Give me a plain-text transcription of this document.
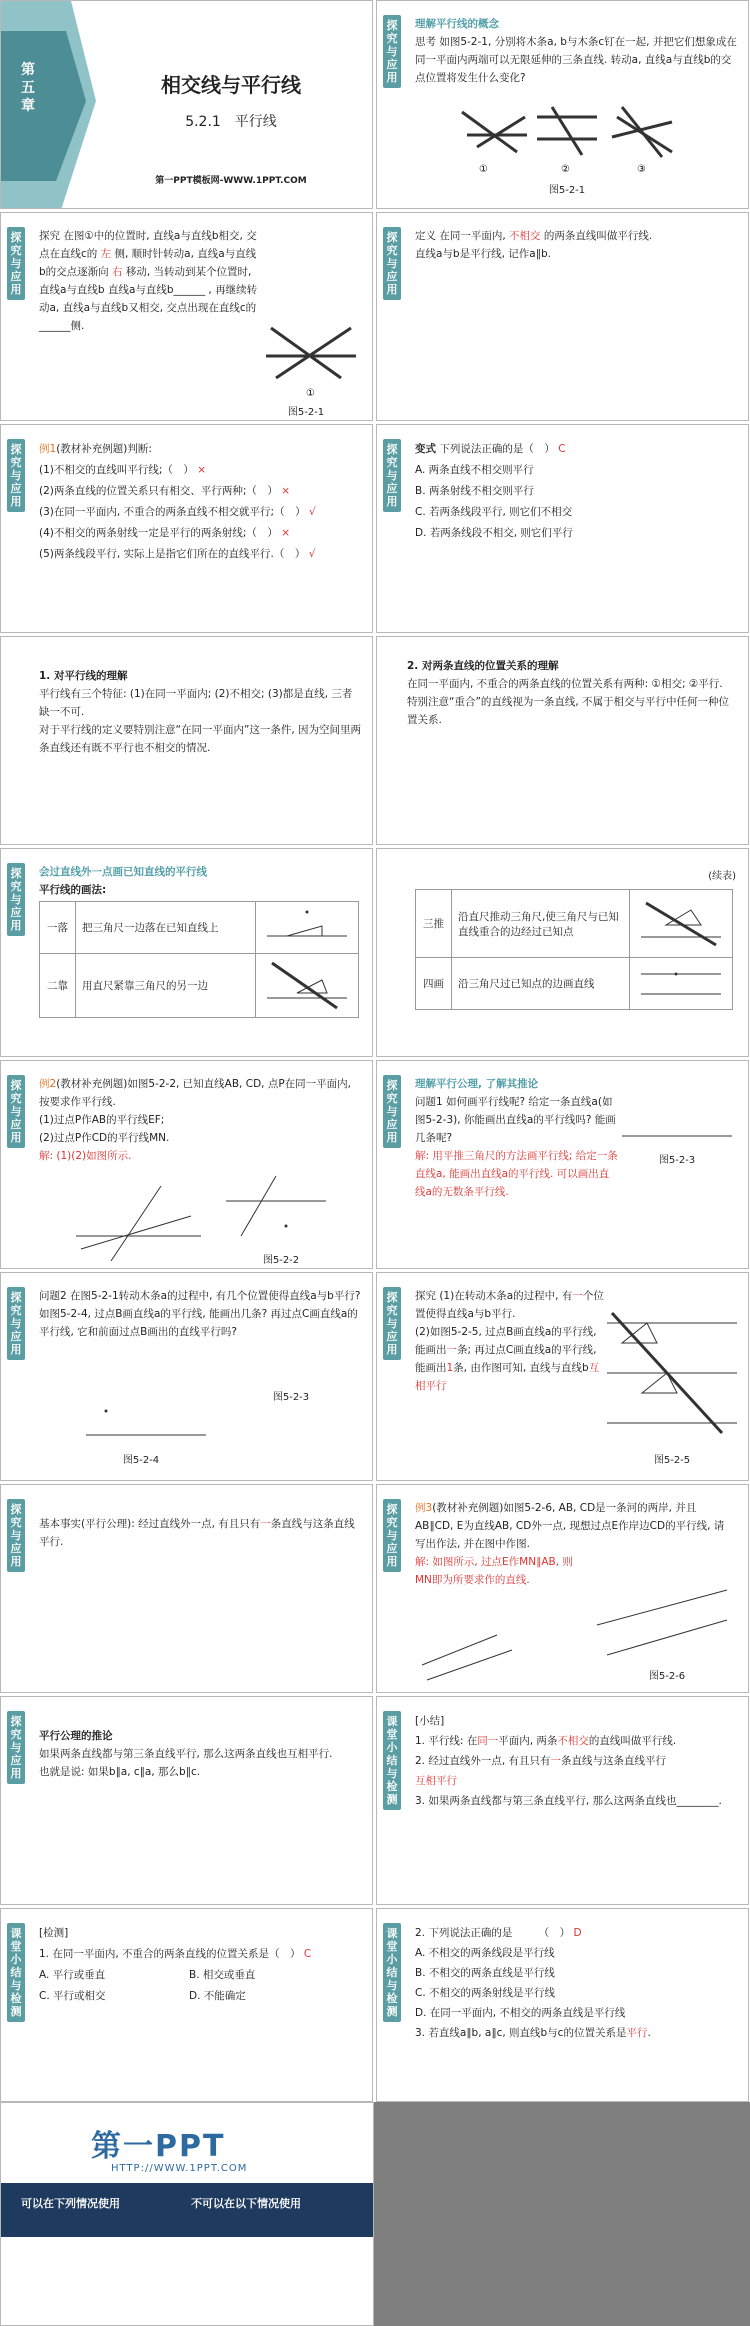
第五章
相交线与平行线
5.2.1　平行线
第一PPT模板网-WWW.1PPT.COM
探究与应用
理解平行线的概念
思考 如图5-2-1, 分别将木条a, b与木条c钉在一起, 并把它们想象成在同一平面内两端可以无限延伸的三条直线. 转动a, 直线a与直线b的交点位置将发生什么变化?
①	②	③
图5-2-1
探究与应用
探究 在图①中的位置时, 直线a与直线b相交, 交点在直线c的 左 侧, 顺时针转动a, 直线a与直线b的交点逐渐向 右 移动, 当转动到某个位置时, 直线a与直线b 直线a与直线b______ , 再继续转动a, 直线a与直线b又相交, 交点出现在直线c的______侧.
①
图5-2-1
探究与应用
定义 在同一平面内, 不相交 的两条直线叫做平行线.
直线a与b是平行线, 记作a∥b.
探究与应用
例1(教材补充例题)判断:
(1)不相交的直线叫平行线;（　） ×
(2)两条直线的位置关系只有相交、平行两种;（　） ×
(3)在同一平面内, 不重合的两条直线不相交就平行;（　） √
(4)不相交的两条射线一定是平行的两条射线;（　） ×
(5)两条线段平行, 实际上是指它们所在的直线平行.（　） √
探究与应用
变式 下列说法正确的是（　） C
A. 两条直线不相交则平行
B. 两条射线不相交则平行
C. 若两条线段平行, 则它们不相交
D. 若两条线段不相交, 则它们平行
1. 对平行线的理解
平行线有三个特征: (1)在同一平面内; (2)不相交; (3)都是直线, 三者缺一不可.
对于平行线的定义要特别注意“在同一平面内”这一条件, 因为空间里两条直线还有既不平行也不相交的情况.
2. 对两条直线的位置关系的理解
在同一平面内, 不重合的两条直线的位置关系有两种: ①相交; ②平行.
特别注意“重合”的直线视为一条直线, 不属于相交与平行中任何一种位置关系.
探究与应用
会过直线外一点画已知直线的平行线
平行线的画法:
一落	把三角尺一边落在已知直线上	
二靠	用直尺紧靠三角尺的另一边	
(续表)
三推	沿直尺推动三角尺,使三角尺与已知直线重合的边经过已知点	
四画	沿三角尺过已知点的边画直线	
探究与应用
例2(教材补充例题)如图5-2-2, 已知直线AB, CD, 点P在同一平面内, 按要求作平行线.
(1)过点P作AB的平行线EF;
(2)过点P作CD的平行线MN.
解: (1)(2)如图所示.
图5-2-2
探究与应用
理解平行公理, 了解其推论
问题1 如何画平行线呢? 给定一条直线a(如图5-2-3), 你能画出直线a的平行线吗? 能画几条呢?
解: 用平推三角尺的方法画平行线; 给定一条直线a, 能画出直线a的平行线. 可以画出直线a的无数条平行线.
图5-2-3
探究与应用
问题2 在图5-2-1转动木条a的过程中, 有几个位置使得直线a与b平行? 如图5-2-4, 过点B画直线a的平行线, 能画出几条? 再过点C画直线a的平行线, 它和前面过点B画出的直线平行吗?
图5-2-3
图5-2-4
探究与应用
探究 (1)在转动木条a的过程中, 有一个位置使得直线a与b平行.
(2)如图5-2-5, 过点B画直线a的平行线, 能画出一条; 再过点C画直线a的平行线, 能画出1条, 由作图可知, 直线与直线b互相平行
图5-2-5
探究与应用
基本事实(平行公理): 经过直线外一点, 有且只有一条直线与这条直线平行.
探究与应用
例3(教材补充例题)如图5-2-6, AB, CD是一条河的两岸, 并且AB∥CD, E为直线AB, CD外一点, 现想过点E作岸边CD的平行线, 请写出作法, 并在图中作图.
解: 如图所示, 过点E作MN∥AB, 则MN即为所要求作的直线.
图5-2-6
探究与应用
平行公理的推论
如果两条直线都与第三条直线平行, 那么这两条直线也互相平行.
也就是说: 如果b∥a, c∥a, 那么b∥c.
课堂小结与检测
[小结]
1. 平行线: 在同一平面内, 两条不相交的直线叫做平行线.
2. 经过直线外一点, 有且只有一条直线与这条直线平行
互相平行
3. 如果两条直线都与第三条直线平行, 那么这两条直线也________.
课堂小结与检测
[检测]
1. 在同一平面内, 不重合的两条直线的位置关系是（　） C
A. 平行或垂直	B. 相交或垂直
C. 平行或相交	D. 不能确定
课堂小结与检测
2. 下列说法正确的是　　　（　） D
A. 不相交的两条线段是平行线
B. 不相交的两条直线是平行线
C. 不相交的两条射线是平行线
D. 在同一平面内, 不相交的两条直线是平行线
3. 若直线a∥b, a∥c, 则直线b与c的位置关系是平行.
第一PPT
HTTP://WWW.1PPT.COM
可以在下列情况使用	不可以在以下情况使用
